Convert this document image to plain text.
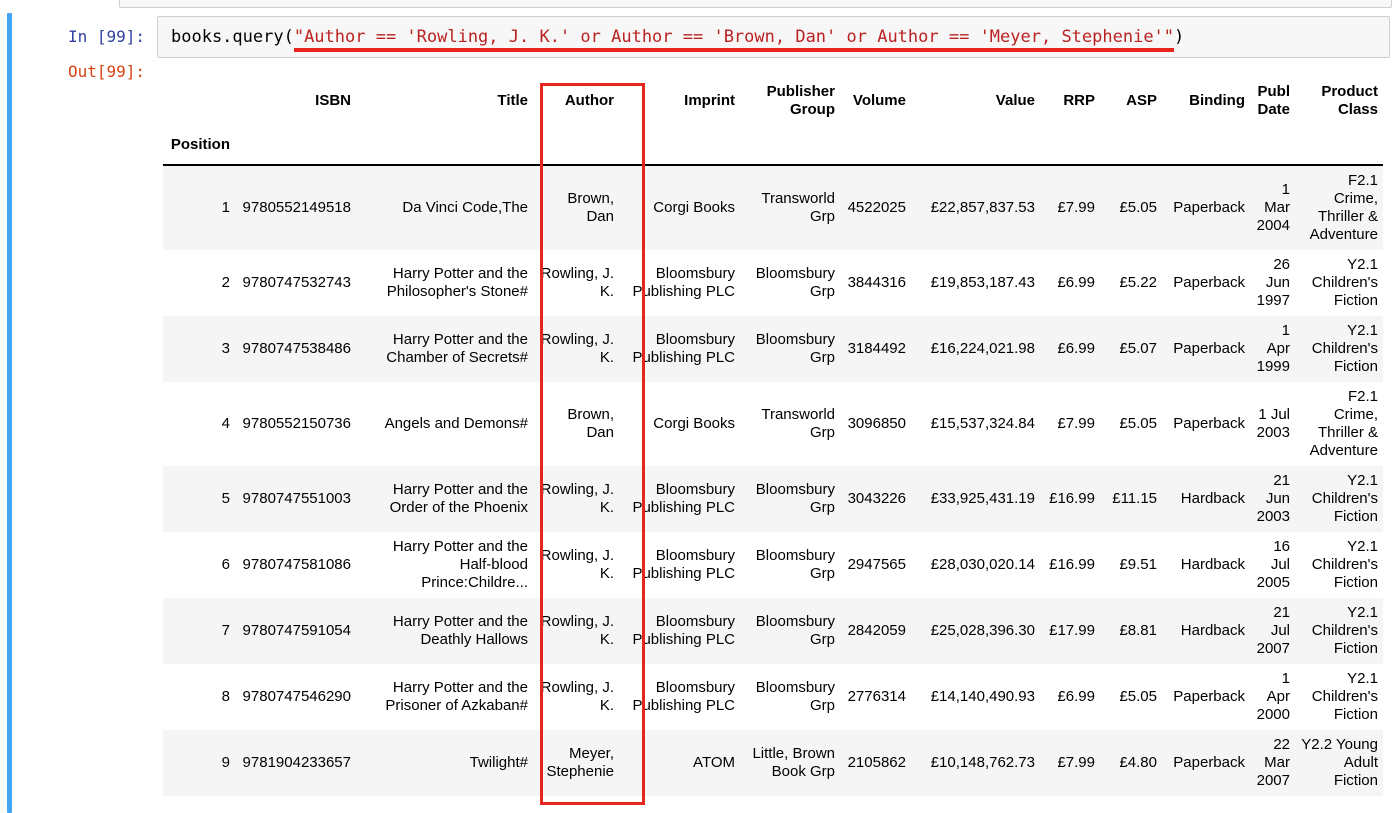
In [99]: books.query("Author == 'Rowling, J. K.' or Author == 'Brown, Dan' or Author == 'Meyer, Stephenie'")
Out[99]:
	ISBN	Title	Author	Imprint	Publisher Group	Volume	Value	RRP	ASP	Binding	Publ Date	Product Class
Position												
1	9780552149518	Da Vinci Code,The	Brown, Dan	Corgi Books	Transworld Grp	4522025	£22,857,837.53	£7.99	£5.05	Paperback	1 Mar 2004	F2.1 Crime, Thriller & Adventure
2	9780747532743	Harry Potter and the Philosopher's Stone#	Rowling, J. K.	Bloomsbury Publishing PLC	Bloomsbury Grp	3844316	£19,853,187.43	£6.99	£5.22	Paperback	26 Jun 1997	Y2.1 Children's Fiction
3	9780747538486	Harry Potter and the Chamber of Secrets#	Rowling, J. K.	Bloomsbury Publishing PLC	Bloomsbury Grp	3184492	£16,224,021.98	£6.99	£5.07	Paperback	1 Apr 1999	Y2.1 Children's Fiction
4	9780552150736	Angels and Demons#	Brown, Dan	Corgi Books	Transworld Grp	3096850	£15,537,324.84	£7.99	£5.05	Paperback	1 Jul 2003	F2.1 Crime, Thriller & Adventure
5	9780747551003	Harry Potter and the Order of the Phoenix	Rowling, J. K.	Bloomsbury Publishing PLC	Bloomsbury Grp	3043226	£33,925,431.19	£16.99	£11.15	Hardback	21 Jun 2003	Y2.1 Children's Fiction
6	9780747581086	Harry Potter and the Half-blood Prince:Childre...	Rowling, J. K.	Bloomsbury Publishing PLC	Bloomsbury Grp	2947565	£28,030,020.14	£16.99	£9.51	Hardback	16 Jul 2005	Y2.1 Children's Fiction
7	9780747591054	Harry Potter and the Deathly Hallows	Rowling, J. K.	Bloomsbury Publishing PLC	Bloomsbury Grp	2842059	£25,028,396.30	£17.99	£8.81	Hardback	21 Jul 2007	Y2.1 Children's Fiction
8	9780747546290	Harry Potter and the Prisoner of Azkaban#	Rowling, J. K.	Bloomsbury Publishing PLC	Bloomsbury Grp	2776314	£14,140,490.93	£6.99	£5.05	Paperback	1 Apr 2000	Y2.1 Children's Fiction
9	9781904233657	Twilight#	Meyer, Stephenie	ATOM	Little, Brown Book Grp	2105862	£10,148,762.73	£7.99	£4.80	Paperback	22 Mar 2007	Y2.2 Young Adult Fiction
